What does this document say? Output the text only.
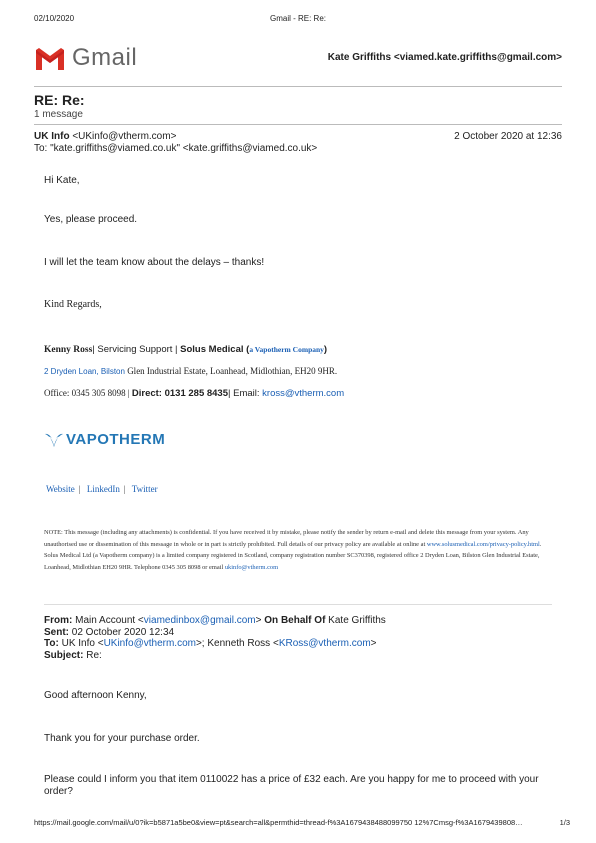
02/10/2020	Gmail - RE: Re:
Gmail	Kate Griffiths <viamed.kate.griffiths@gmail.com>
RE: Re:
1 message
UK Info <UKinfo@vtherm.com>	2 October 2020 at 12:36
To: "kate.griffiths@viamed.co.uk" <kate.griffiths@viamed.co.uk>
Hi Kate,
Yes, please proceed.
I will let the team know about the delays – thanks!
Kind Regards,
Kenny Ross| Servicing Support | Solus Medical (a Vapotherm Company)
2 Dryden Loan, Bilston Glen Industrial Estate, Loanhead, Midlothian, EH20 9HR.
Office: 0345 305 8098 | Direct: 0131 285 8435| Email: kross@vtherm.com
VAPOTHERM
Website | LinkedIn | Twitter
NOTE: This message (including any attachments) is confidential. If you have received it by mistake, please notify the sender by return e-mail and delete this message from your system. Any unauthorised use or dissemination of this message in whole or in part is strictly prohibited. Full details of our privacy policy are available at online at www.solusmedical.com/privacy-policy.html. Solus Medical Ltd (a Vapotherm company) is a limited company registered in Scotland, company registration number SC370398, registered office 2 Dryden Loan, Bilston Glen Industrial Estate, Loanhead, Midlothian EH20 9HR. Telephone 0345 305 8098 or email ukinfo@vtherm.com
From: Main Account <viamedinbox@gmail.com> On Behalf Of Kate Griffiths
Sent: 02 October 2020 12:34
To: UK Info <UKinfo@vtherm.com>; Kenneth Ross <KRoss@vtherm.com>
Subject: Re:
Good afternoon Kenny,
Thank you for your purchase order.
Please could I inform you that item 0110022 has a price of £32 each. Are you happy for me to proceed with your
order?
https://mail.google.com/mail/u/0?ik=b5871a5be0&view=pt&search=all&permthid=thread-f%3A1679438488099750 12%7Cmsg-f%3A1679439808…	1/3
